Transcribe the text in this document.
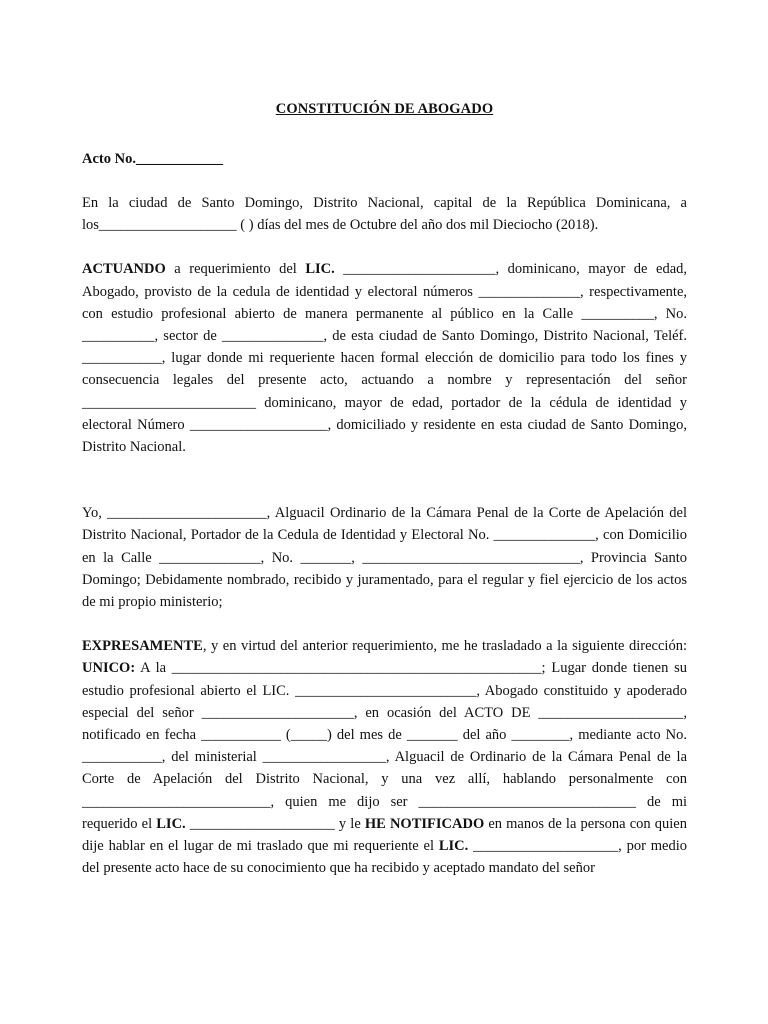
CONSTITUCIÓN DE ABOGADO
Acto No.____________

En la ciudad de Santo Domingo, Distrito Nacional, capital de la República Dominicana, a los___________________ ( ) días del mes de Octubre del año dos mil Dieciocho (2018).

ACTUANDO a requerimiento del LIC. _____________________, dominicano, mayor de edad, Abogado, provisto de la cedula de identidad y electoral números ______________, respectivamente, con estudio profesional abierto de manera permanente al público en la Calle __________, No. __________, sector de ______________, de esta ciudad de Santo Domingo, Distrito Nacional, Teléf. ___________, lugar donde mi requeriente hacen formal elección de domicilio para todo los fines y consecuencia legales del presente acto, actuando a nombre y representación del señor ________________________ dominicano, mayor de edad, portador de la cédula de identidad y electoral Número ___________________, domiciliado y residente en esta ciudad de Santo Domingo, Distrito Nacional.

Yo, ______________________, Alguacil Ordinario de la Cámara Penal de la Corte de Apelación del Distrito Nacional, Portador de la Cedula de Identidad y Electoral No. ______________, con Domicilio en la Calle ______________, No. _______, ______________________________, Provincia Santo Domingo; Debidamente nombrado, recibido y juramentado, para el regular y fiel ejercicio de los actos de mi propio ministerio;

EXPRESAMENTE, y en virtud del anterior requerimiento, me he trasladado a la siguiente dirección: UNICO: A la ___________________________________________________; Lugar donde tienen su estudio profesional abierto el LIC. _________________________, Abogado constituido y apoderado especial del señor _____________________, en ocasión del ACTO DE ____________________, notificado en fecha ___________ (_____) del mes de _______ del año ________, mediante acto No. ___________, del ministerial _________________, Alguacil de Ordinario de la Cámara Penal de la Corte de Apelación del Distrito Nacional, y una vez allí, hablando personalmente con __________________________, quien me dijo ser ______________________________ de mi requerido el LIC. ____________________ y le HE NOTIFICADO en manos de la persona con quien dije hablar en el lugar de mi traslado que mi requeriente el LIC. ____________________, por medio del presente acto hace de su conocimiento que ha recibido y aceptado mandato del señor
